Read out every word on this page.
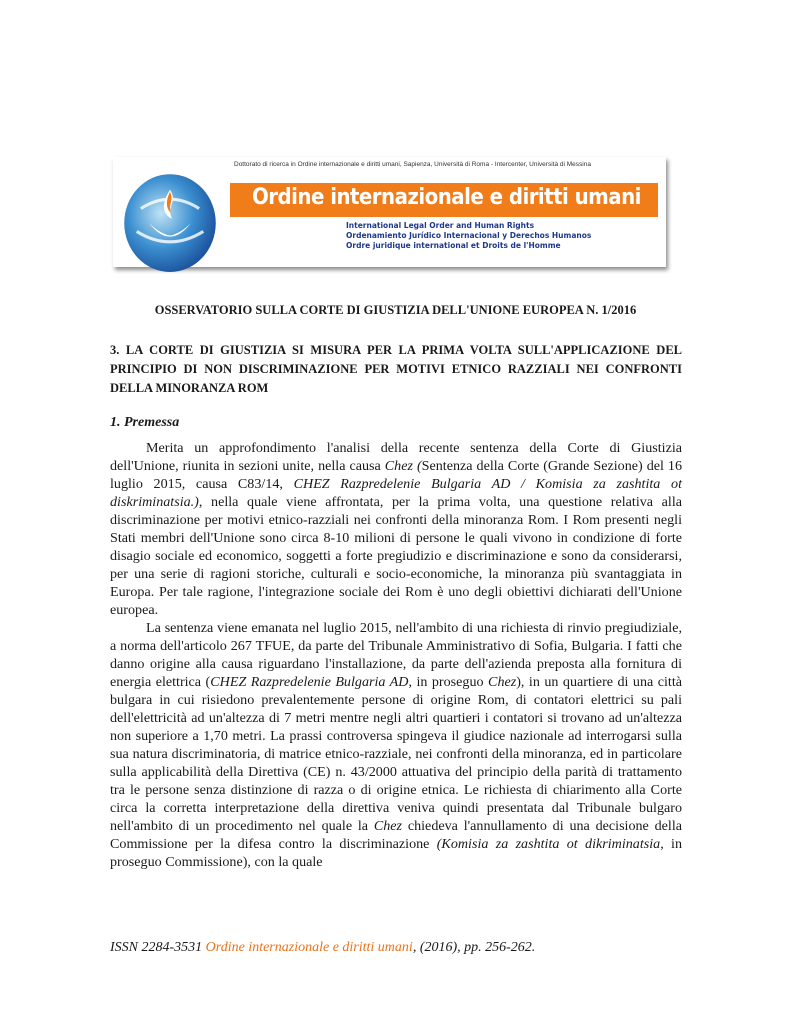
Dottorato di ricerca in Ordine internazionale e diritti umani, Sapienza, Università di Roma - Intercenter, Università di Messina
Ordine internazionale e diritti umani
International Legal Order and Human Rights
Ordenamiento Jurídico Internacional y Derechos Humanos
Ordre juridique international et Droits de l'Homme
OSSERVATORIO SULLA CORTE DI GIUSTIZIA DELL'UNIONE EUROPEA N. 1/2016
3. LA CORTE DI GIUSTIZIA SI MISURA PER LA PRIMA VOLTA SULL'APPLICAZIONE DEL PRINCIPIO DI NON DISCRIMINAZIONE PER MOTIVI ETNICO RAZZIALI NEI CONFRONTI DELLA MINORANZA ROM
1. Premessa

Merita un approfondimento l'analisi della recente sentenza della Corte di Giustizia dell'Unione, riunita in sezioni unite, nella causa Chez (Sentenza della Corte (Grande Sezione) del 16 luglio 2015, causa C83/14, CHEZ Razpredelenie Bulgaria AD / Komisia za zashtita ot diskriminatsia.), nella quale viene affrontata, per la prima volta, una questione relativa alla discriminazione per motivi etnico-razziali nei confronti della minoranza Rom. I Rom presenti negli Stati membri dell'Unione sono circa 8-10 milioni di persone le quali vivono in condizione di forte disagio sociale ed economico, soggetti a forte pregiudizio e discriminazione e sono da considerarsi, per una serie di ragioni storiche, culturali e socio-economiche, la minoranza più svantaggiata in Europa. Per tale ragione, l'integrazione sociale dei Rom è uno degli obiettivi dichiarati dell'Unione europea.

La sentenza viene emanata nel luglio 2015, nell'ambito di una richiesta di rinvio pregiudiziale, a norma dell'articolo 267 TFUE, da parte del Tribunale Amministrativo di Sofia, Bulgaria. I fatti che danno origine alla causa riguardano l'installazione, da parte dell'azienda preposta alla fornitura di energia elettrica (CHEZ Razpredelenie Bulgaria AD, in proseguo Chez), in un quartiere di una città bulgara in cui risiedono prevalentemente persone di origine Rom, di contatori elettrici su pali dell'elettricità ad un'altezza di 7 metri mentre negli altri quartieri i contatori si trovano ad un'altezza non superiore a 1,70 metri. La prassi controversa spingeva il giudice nazionale ad interrogarsi sulla sua natura discriminatoria, di matrice etnico-razziale, nei confronti della minoranza, ed in particolare sulla applicabilità della Direttiva (CE) n. 43/2000 attuativa del principio della parità di trattamento tra le persone senza distinzione di razza o di origine etnica. Le richiesta di chiarimento alla Corte circa la corretta interpretazione della direttiva veniva quindi presentata dal Tribunale bulgaro nell'ambito di un procedimento nel quale la Chez chiedeva l'annullamento di una decisione della Commissione per la difesa contro la discriminazione (Komisia za zashtita ot dikriminatsia, in proseguo Commissione), con la quale

ISSN 2284-3531 Ordine internazionale e diritti umani, (2016), pp. 256-262.
